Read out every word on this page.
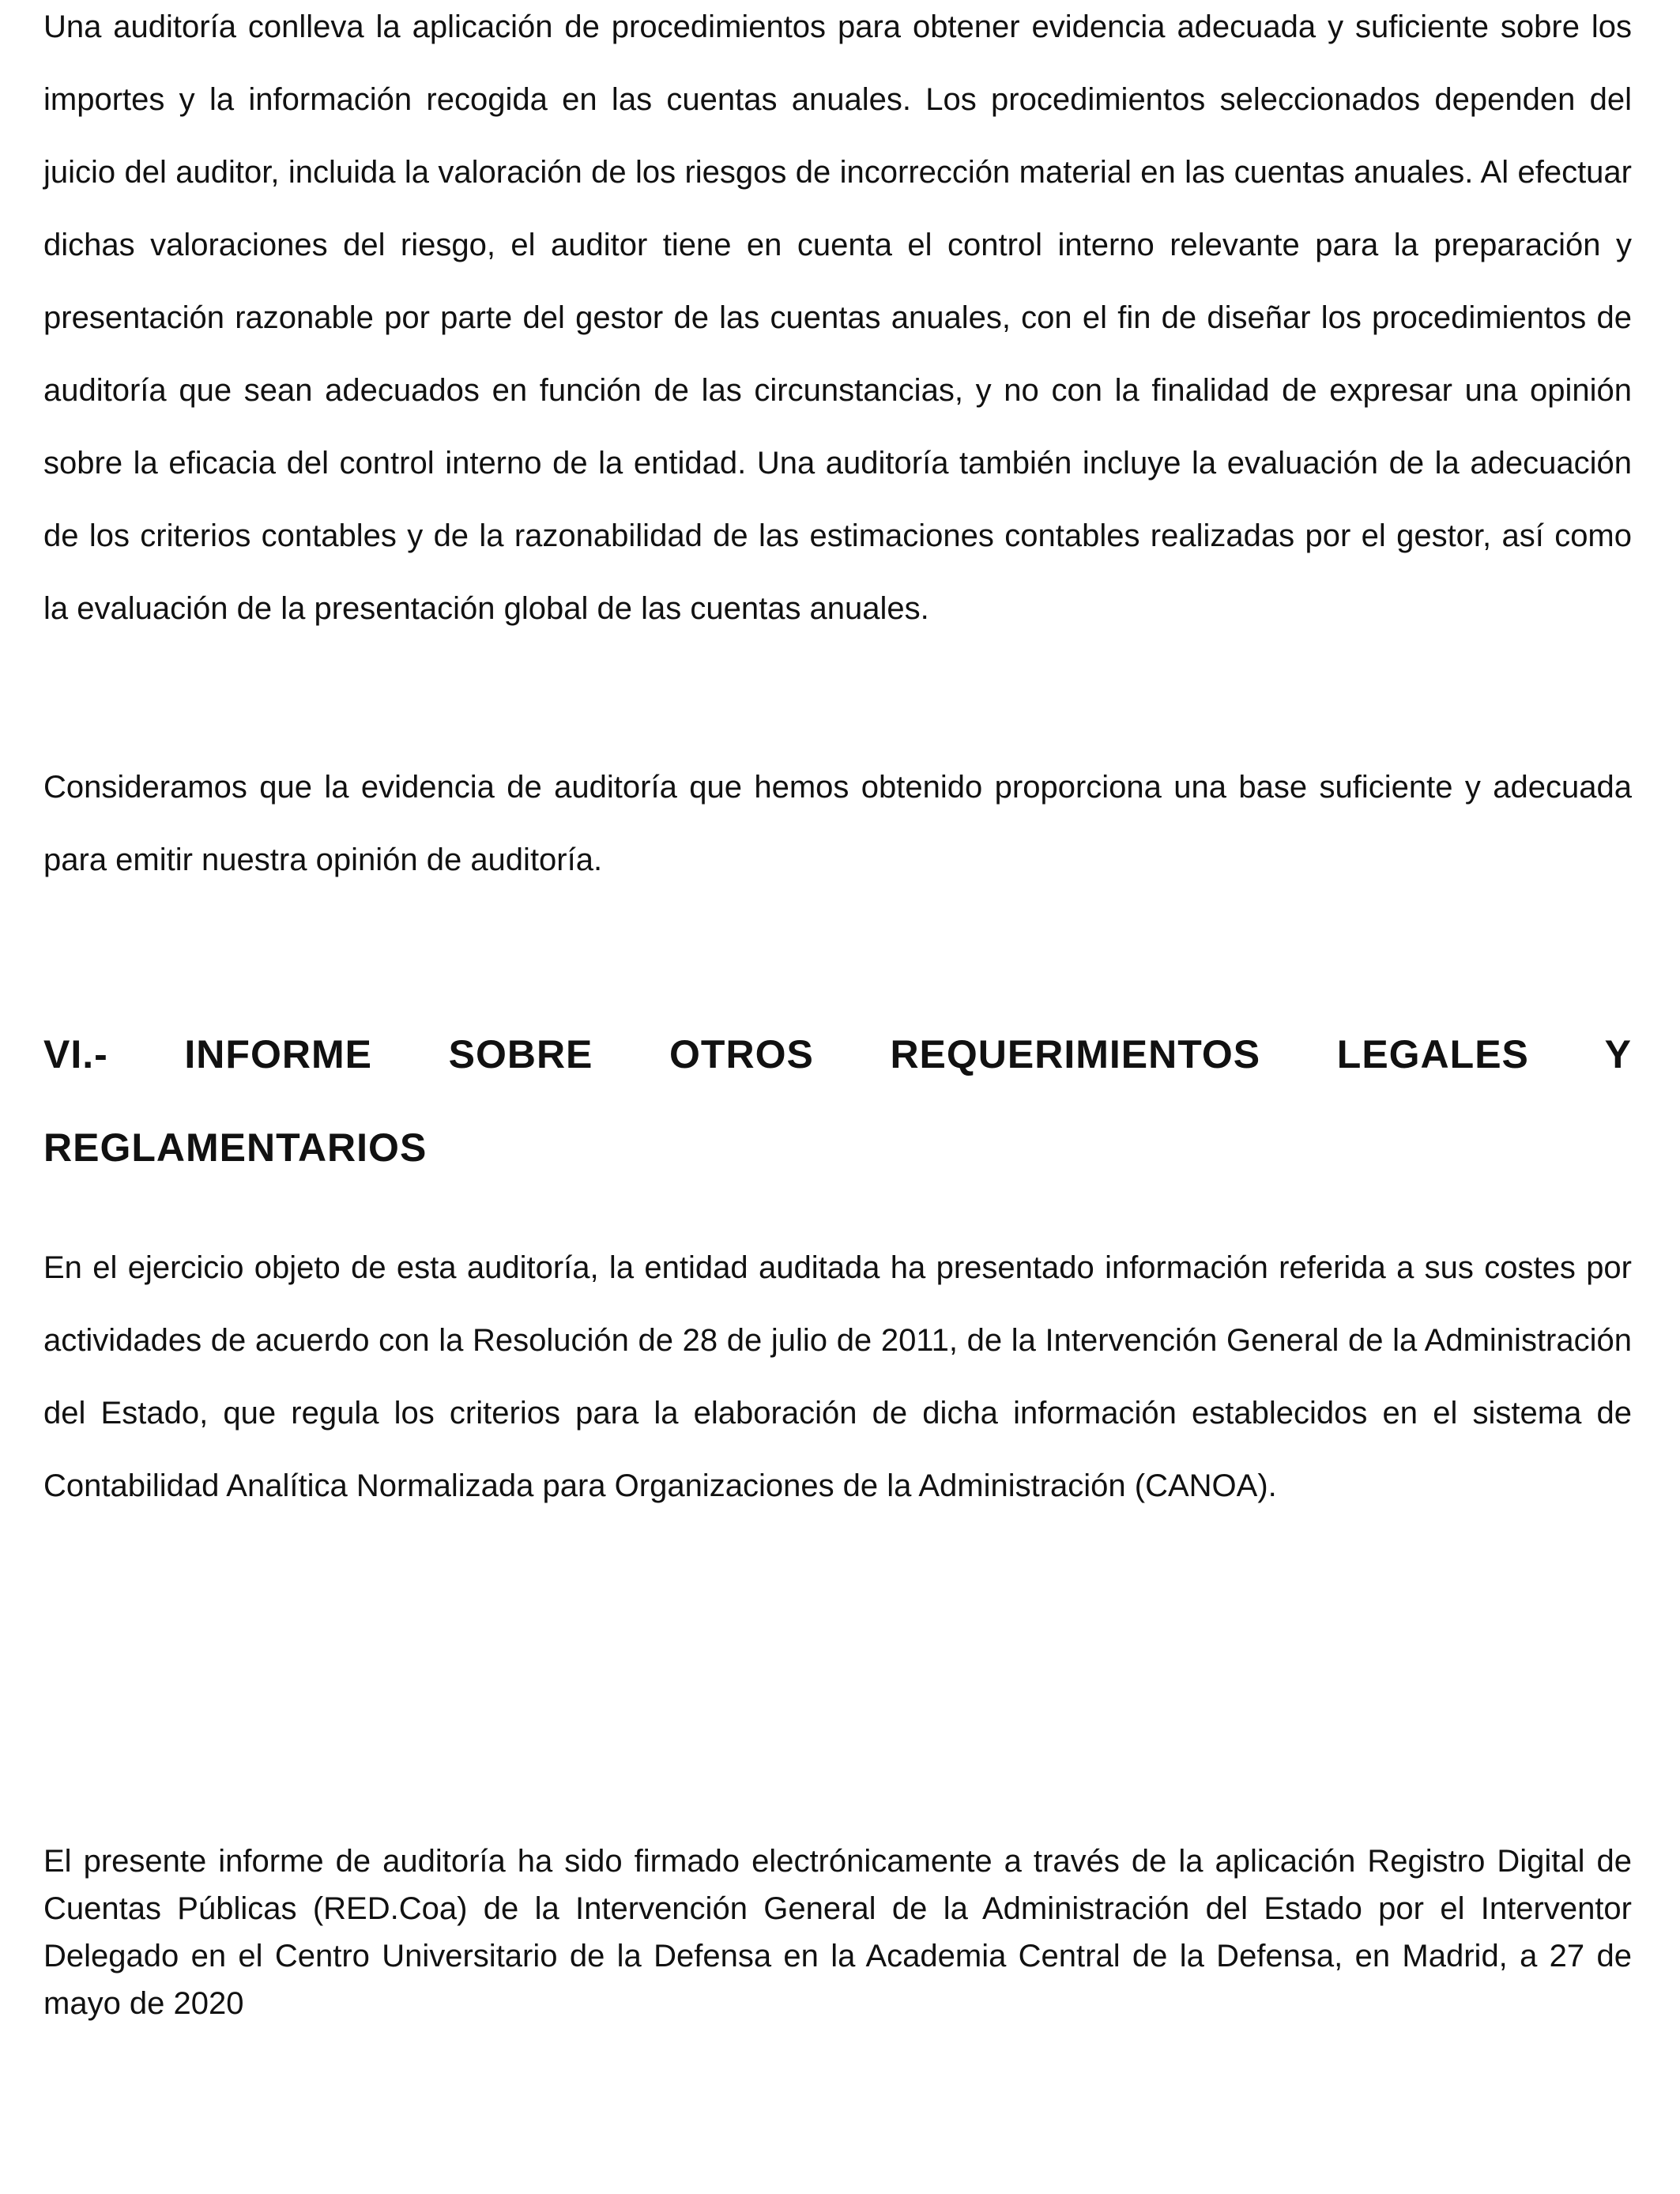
Una auditoría conlleva la aplicación de procedimientos para obtener evidencia adecuada y suficiente sobre los importes y la información recogida en las cuentas anuales. Los procedimientos seleccionados dependen del juicio del auditor, incluida la valoración de los riesgos de incorrección material en las cuentas anuales. Al efectuar dichas valoraciones del riesgo, el auditor tiene en cuenta el control interno relevante para la preparación y presentación razonable por parte del gestor de las cuentas anuales, con el fin de diseñar los procedimientos de auditoría que sean adecuados en función de las circunstancias, y no con la finalidad de expresar una opinión sobre la eficacia del control interno de la entidad. Una auditoría también incluye la evaluación de la adecuación de los criterios contables y de la razonabilidad de las estimaciones contables realizadas por el gestor, así como la evaluación de la presentación global de las cuentas anuales.

Consideramos que la evidencia de auditoría que hemos obtenido proporciona una base suficiente y adecuada para emitir nuestra opinión de auditoría.

VI.- INFORME SOBRE OTROS REQUERIMIENTOS LEGALES Y REGLAMENTARIOS

En el ejercicio objeto de esta auditoría, la entidad auditada ha presentado información referida a sus costes por actividades de acuerdo con la Resolución de 28 de julio de 2011, de la Intervención General de la Administración del Estado, que regula los criterios para la elaboración de dicha información establecidos en el sistema de Contabilidad Analítica Normalizada para Organizaciones de la Administración (CANOA).

El presente informe de auditoría ha sido firmado electrónicamente a través de la aplicación Registro Digital de Cuentas Públicas (RED.Coa) de la Intervención General de la Administración del Estado por el Interventor Delegado en el Centro Universitario de la Defensa en la Academia Central de la Defensa, en Madrid, a 27 de mayo de 2020
